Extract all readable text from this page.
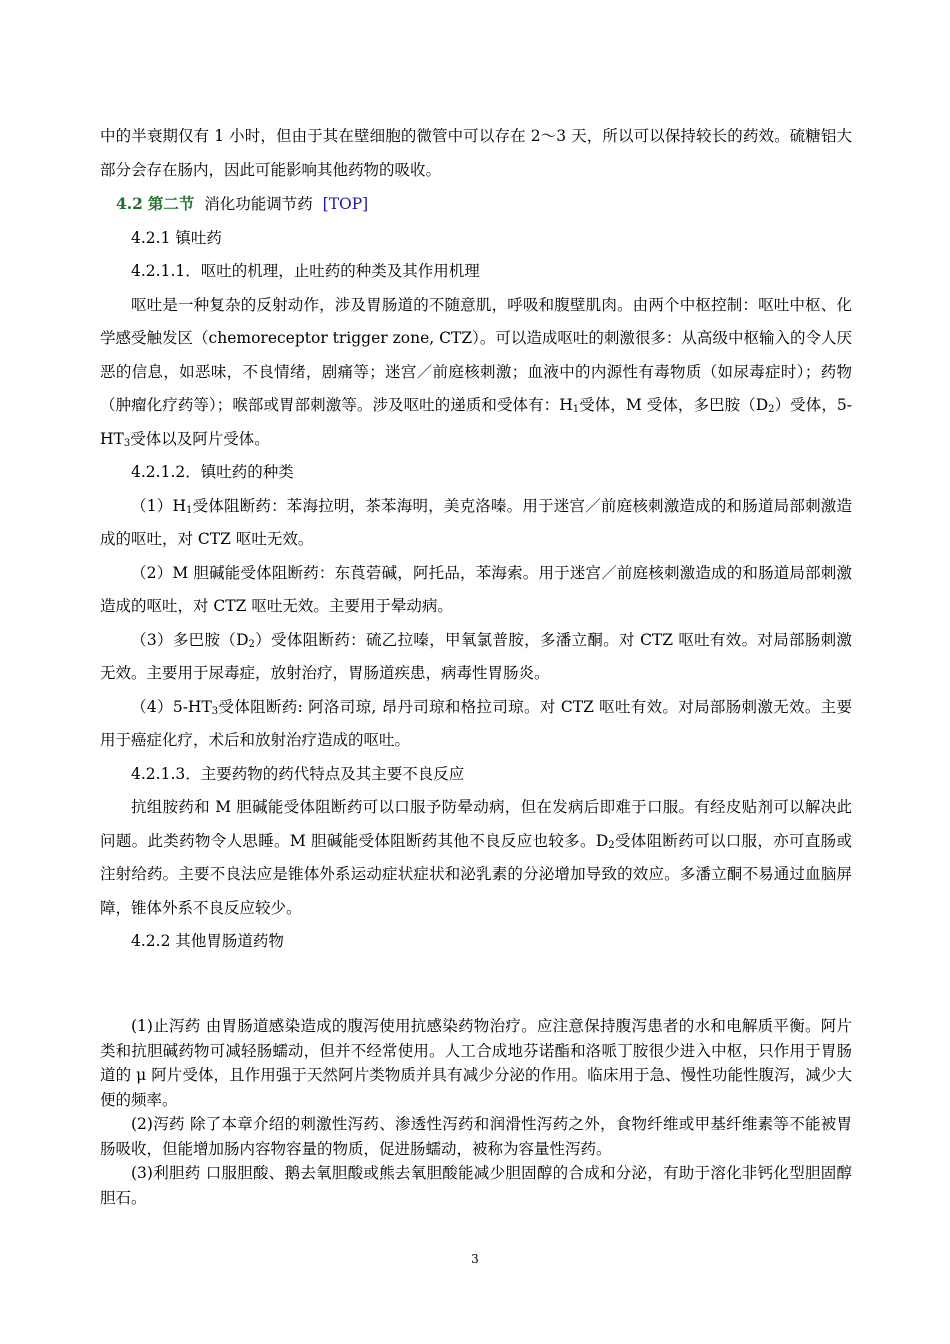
中的半衰期仅有 1 小时，但由于其在壁细胞的微管中可以存在 2～3 天，所以可以保持较长的药效。硫糖铝大部分会存在肠内，因此可能影响其他药物的吸收。

4.2 第二节 消化功能调节药 [TOP]

4.2.1 镇吐药

4.2.1.1．呕吐的机理，止吐药的种类及其作用机理

呕吐是一种复杂的反射动作，涉及胃肠道的不随意肌，呼吸和腹壁肌肉。由两个中枢控制：呕吐中枢、化学感受触发区（chemoreceptor trigger zone, CTZ）。可以造成呕吐的刺激很多：从高级中枢输入的令人厌恶的信息，如恶味，不良情绪，剧痛等；迷宫／前庭核刺激；血液中的内源性有毒物质（如尿毒症时）；药物（肿瘤化疗药等）；喉部或胃部刺激等。涉及呕吐的递质和受体有：$H_1$受体，M 受体，多巴胺$(D_2)$受体，$5-HT_3$受体以及阿片受体。

4.2.1.2．镇吐药的种类

$(1)H_1$受体阻断药：苯海拉明，茶苯海明，美克洛嗪。用于迷宫／前庭核刺激造成的和肠道局部刺激造成的呕吐，对 CTZ 呕吐无效。

（2）M 胆碱能受体阻断药：东莨菪碱，阿托品，苯海索。用于迷宫／前庭核刺激造成的和肠道局部刺激造成的呕吐，对 CTZ 呕吐无效。主要用于晕动病。

（3）多巴胺$(D_2)$受体阻断药：硫乙拉嗪，甲氧氯普胺，多潘立酮。对 CTZ 呕吐有效。对局部肠刺激无效。主要用于尿毒症，放射治疗，胃肠道疾患，病毒性胃肠炎。

$(4)5-HT_3$受体阻断药: 阿洛司琼, 昂丹司琼和格拉司琼。对 CTZ 呕吐有效。对局部肠刺激无效。主要用于癌症化疗，术后和放射治疗造成的呕吐。

4.2.1.3．主要药物的药代特点及其主要不良反应

抗组胺药和 M 胆碱能受体阻断药可以口服予防晕动病，但在发病后即难于口服。有经皮贴剂可以解决此问题。此类药物令人思睡。M 胆碱能受体阻断药其他不良反应也较多。$D_2$受体阻断药可以口服，亦可直肠或注射给药。主要不良法应是锥体外系运动症状症状和泌乳素的分泌增加导致的效应。多潘立酮不易通过血脑屏障，锥体外系不良反应较少。

4.2.2 其他胃肠道药物

(1)止泻药 由胃肠道感染造成的腹泻使用抗感染药物治疗。应注意保持腹泻患者的水和电解质平衡。阿片类和抗胆碱药物可减轻肠蠕动，但并不经常使用。人工合成地芬诺酯和洛哌丁胺很少进入中枢，只作用于胃肠道的 μ 阿片受体，且作用强于天然阿片类物质并具有减少分泌的作用。临床用于急、慢性功能性腹泻，减少大便的频率。

(2)泻药 除了本章介绍的刺激性泻药、渗透性泻药和润滑性泻药之外，食物纤维或甲基纤维素等不能被胃肠吸收，但能增加肠内容物容量的物质，促进肠蠕动，被称为容量性泻药。

(3)利胆药 口服胆酸、鹅去氧胆酸或熊去氧胆酸能减少胆固醇的合成和分泌，有助于溶化非钙化型胆固醇胆石。

3
